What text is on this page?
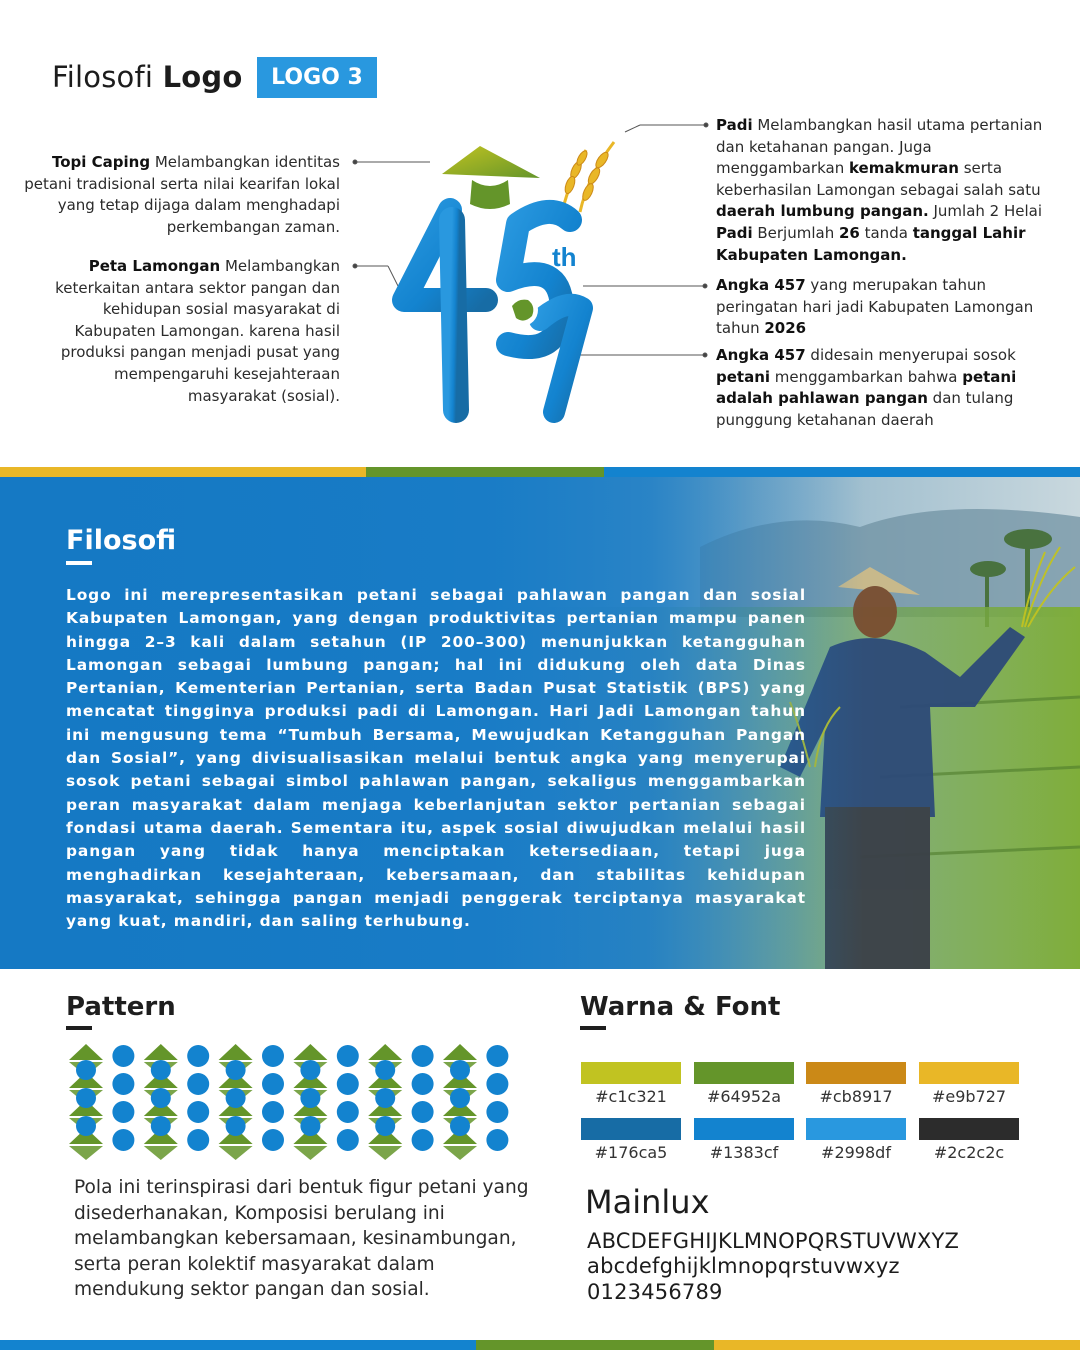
Filosofi Logo	LOGO 3
Topi Caping Melambangkan identitas petani tradisional serta nilai kearifan lokal yang tetap dijaga dalam menghadapi perkembangan zaman.
Peta Lamongan Melambangkan keterkaitan antara sektor pangan dan kehidupan sosial masyarakat di Kabupaten Lamongan. karena hasil produksi pangan menjadi pusat yang mempengaruhi kesejahteraan masyarakat (sosial).
Padi Melambangkan hasil utama pertanian dan ketahanan pangan. Juga menggambarkan kemakmuran serta keberhasilan Lamongan sebagai salah satu daerah lumbung pangan. Jumlah 2 Helai Padi Berjumlah 26 tanda tanggal Lahir Kabupaten Lamongan.
Angka 457 yang merupakan tahun peringatan hari jadi Kabupaten Lamongan tahun 2026
Angka 457 didesain menyerupai sosok petani menggambarkan bahwa petani adalah pahlawan pangan dan tulang punggung ketahanan daerah
th
Filosofi
Logo ini merepresentasikan petani sebagai pahlawan pangan dan sosial Kabupaten Lamongan, yang dengan produktivitas pertanian mampu panen hingga 2–3 kali dalam setahun (IP 200–300) menunjukkan ketangguhan Lamongan sebagai lumbung pangan; hal ini didukung oleh data Dinas Pertanian, Kementerian Pertanian, serta Badan Pusat Statistik (BPS) yang mencatat tingginya produksi padi di Lamongan. Hari Jadi Lamongan tahun ini mengusung tema “Tumbuh Bersama, Mewujudkan Ketangguhan Pangan dan Sosial”, yang divisualisasikan melalui bentuk angka yang menyerupai sosok petani sebagai simbol pahlawan pangan, sekaligus menggambarkan peran masyarakat dalam menjaga keberlanjutan sektor pertanian sebagai fondasi utama daerah. Sementara itu, aspek sosial diwujudkan melalui hasil pangan yang tidak hanya menciptakan ketersediaan, tetapi juga menghadirkan kesejahteraan, kebersamaan, dan stabilitas kehidupan masyarakat, sehingga pangan menjadi penggerak terciptanya masyarakat yang kuat, mandiri, dan saling terhubung.
Pattern
Pola ini terinspirasi dari bentuk figur petani yang disederhanakan, Komposisi berulang ini melambangkan kebersamaan, kesinambungan, serta peran kolektif masyarakat dalam mendukung sektor pangan dan sosial.
Warna & Font
#c1c321	#64952a	#cb8917	#e9b727
#176ca5	#1383cf	#2998df	#2c2c2c
Mainlux
ABCDEFGHIJKLMNOPQRSTUVWXYZ
abcdefghijklmnopqrstuvwxyz
0123456789
